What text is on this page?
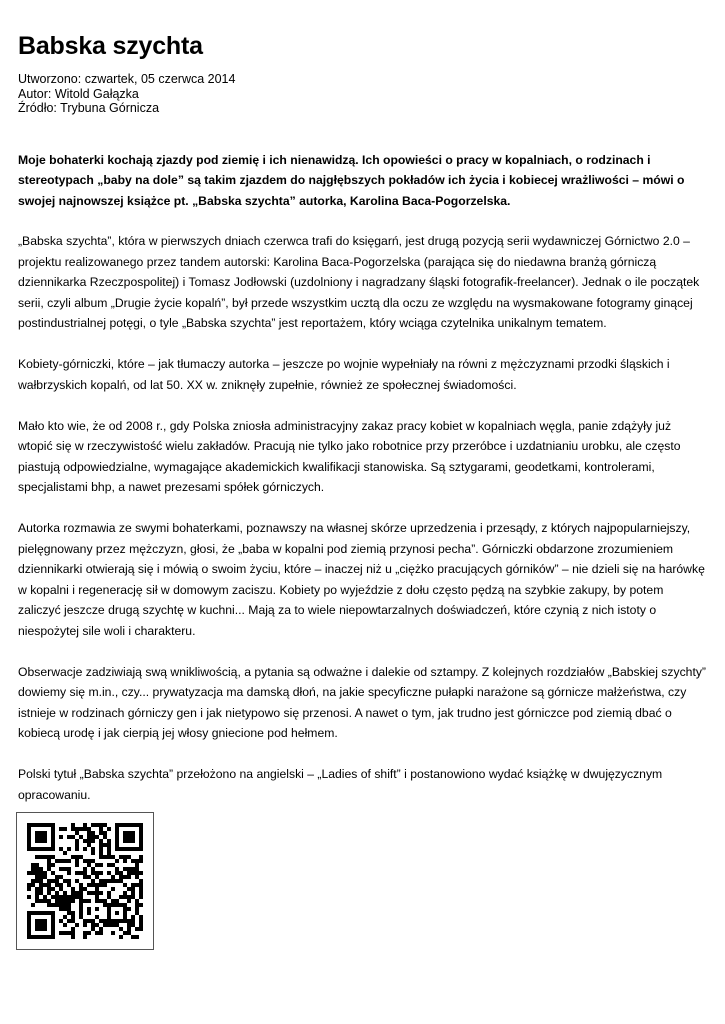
Babska szychta
Utworzono: czwartek, 05 czerwca 2014
Autor: Witold Gałązka
Źródło: Trybuna Górnicza
Moje bohaterki kochają zjazdy pod ziemię i ich nienawidzą. Ich opowieści o pracy w kopalniach, o rodzinach i stereotypach „baby na dole” są takim zjazdem do najgłębszych pokładów ich życia i kobiecej wrażliwości – mówi o swojej najnowszej książce pt. „Babska szychta” autorka, Karolina Baca-Pogorzelska.

„Babska szychta”, która w pierwszych dniach czerwca trafi do księgarń, jest drugą pozycją serii wydawniczej Górnictwo 2.0 – projektu realizowanego przez tandem autorski: Karolina Baca-Pogorzelska (parająca się do niedawna branżą górniczą dziennikarka Rzeczpospolitej) i Tomasz Jodłowski (uzdolniony i nagradzany śląski fotografik-freelancer). Jednak o ile początek serii, czyli album „Drugie życie kopalń”, był przede wszystkim ucztą dla oczu ze względu na wysmakowane fotogramy ginącej postindustrialnej potęgi, o tyle „Babska szychta” jest reportażem, który wciąga czytelnika unikalnym tematem.

Kobiety-górniczki, które – jak tłumaczy autorka – jeszcze po wojnie wypełniały na równi z mężczyznami przodki śląskich i wałbrzyskich kopalń, od lat 50. XX w. zniknęły zupełnie, również ze społecznej świadomości.

Mało kto wie, że od 2008 r., gdy Polska zniosła administracyjny zakaz pracy kobiet w kopalniach węgla, panie zdążyły już wtopić się w rzeczywistość wielu zakładów. Pracują nie tylko jako robotnice przy przeróbce i uzdatnianiu urobku, ale często piastują odpowiedzialne, wymagające akademickich kwalifikacji stanowiska. Są sztygarami, geodetkami, kontrolerami, specjalistami bhp, a nawet prezesami spółek górniczych.

Autorka rozmawia ze swymi bohaterkami, poznawszy na własnej skórze uprzedzenia i przesądy, z których najpopularniejszy, pielęgnowany przez mężczyzn, głosi, że „baba w kopalni pod ziemią przynosi pecha”. Górniczki obdarzone zrozumieniem dziennikarki otwierają się i mówią o swoim życiu, które – inaczej niż u „ciężko pracujących górników” – nie dzieli się na harówkę w kopalni i regenerację sił w domowym zaciszu. Kobiety po wyjeździe z dołu często pędzą na szybkie zakupy, by potem zaliczyć jeszcze drugą szychtę w kuchni... Mają za to wiele niepowtarzalnych doświadczeń, które czynią z nich istoty o niespożytej sile woli i charakteru.

Obserwacje zadziwiają swą wnikliwością, a pytania są odważne i dalekie od sztampy. Z kolejnych rozdziałów „Babskiej szychty” dowiemy się m.in., czy... prywatyzacja ma damską dłoń, na jakie specyficzne pułapki narażone są górnicze małżeństwa, czy istnieje w rodzinach górniczy gen i jak nietypowo się przenosi. A nawet o tym, jak trudno jest górniczce pod ziemią dbać o kobiecą urodę i jak cierpią jej włosy gniecione pod hełmem.

Polski tytuł „Babska szychta” przełożono na angielski – „Ladies of shift” i postanowiono wydać książkę w dwujęzycznym opracowaniu.
